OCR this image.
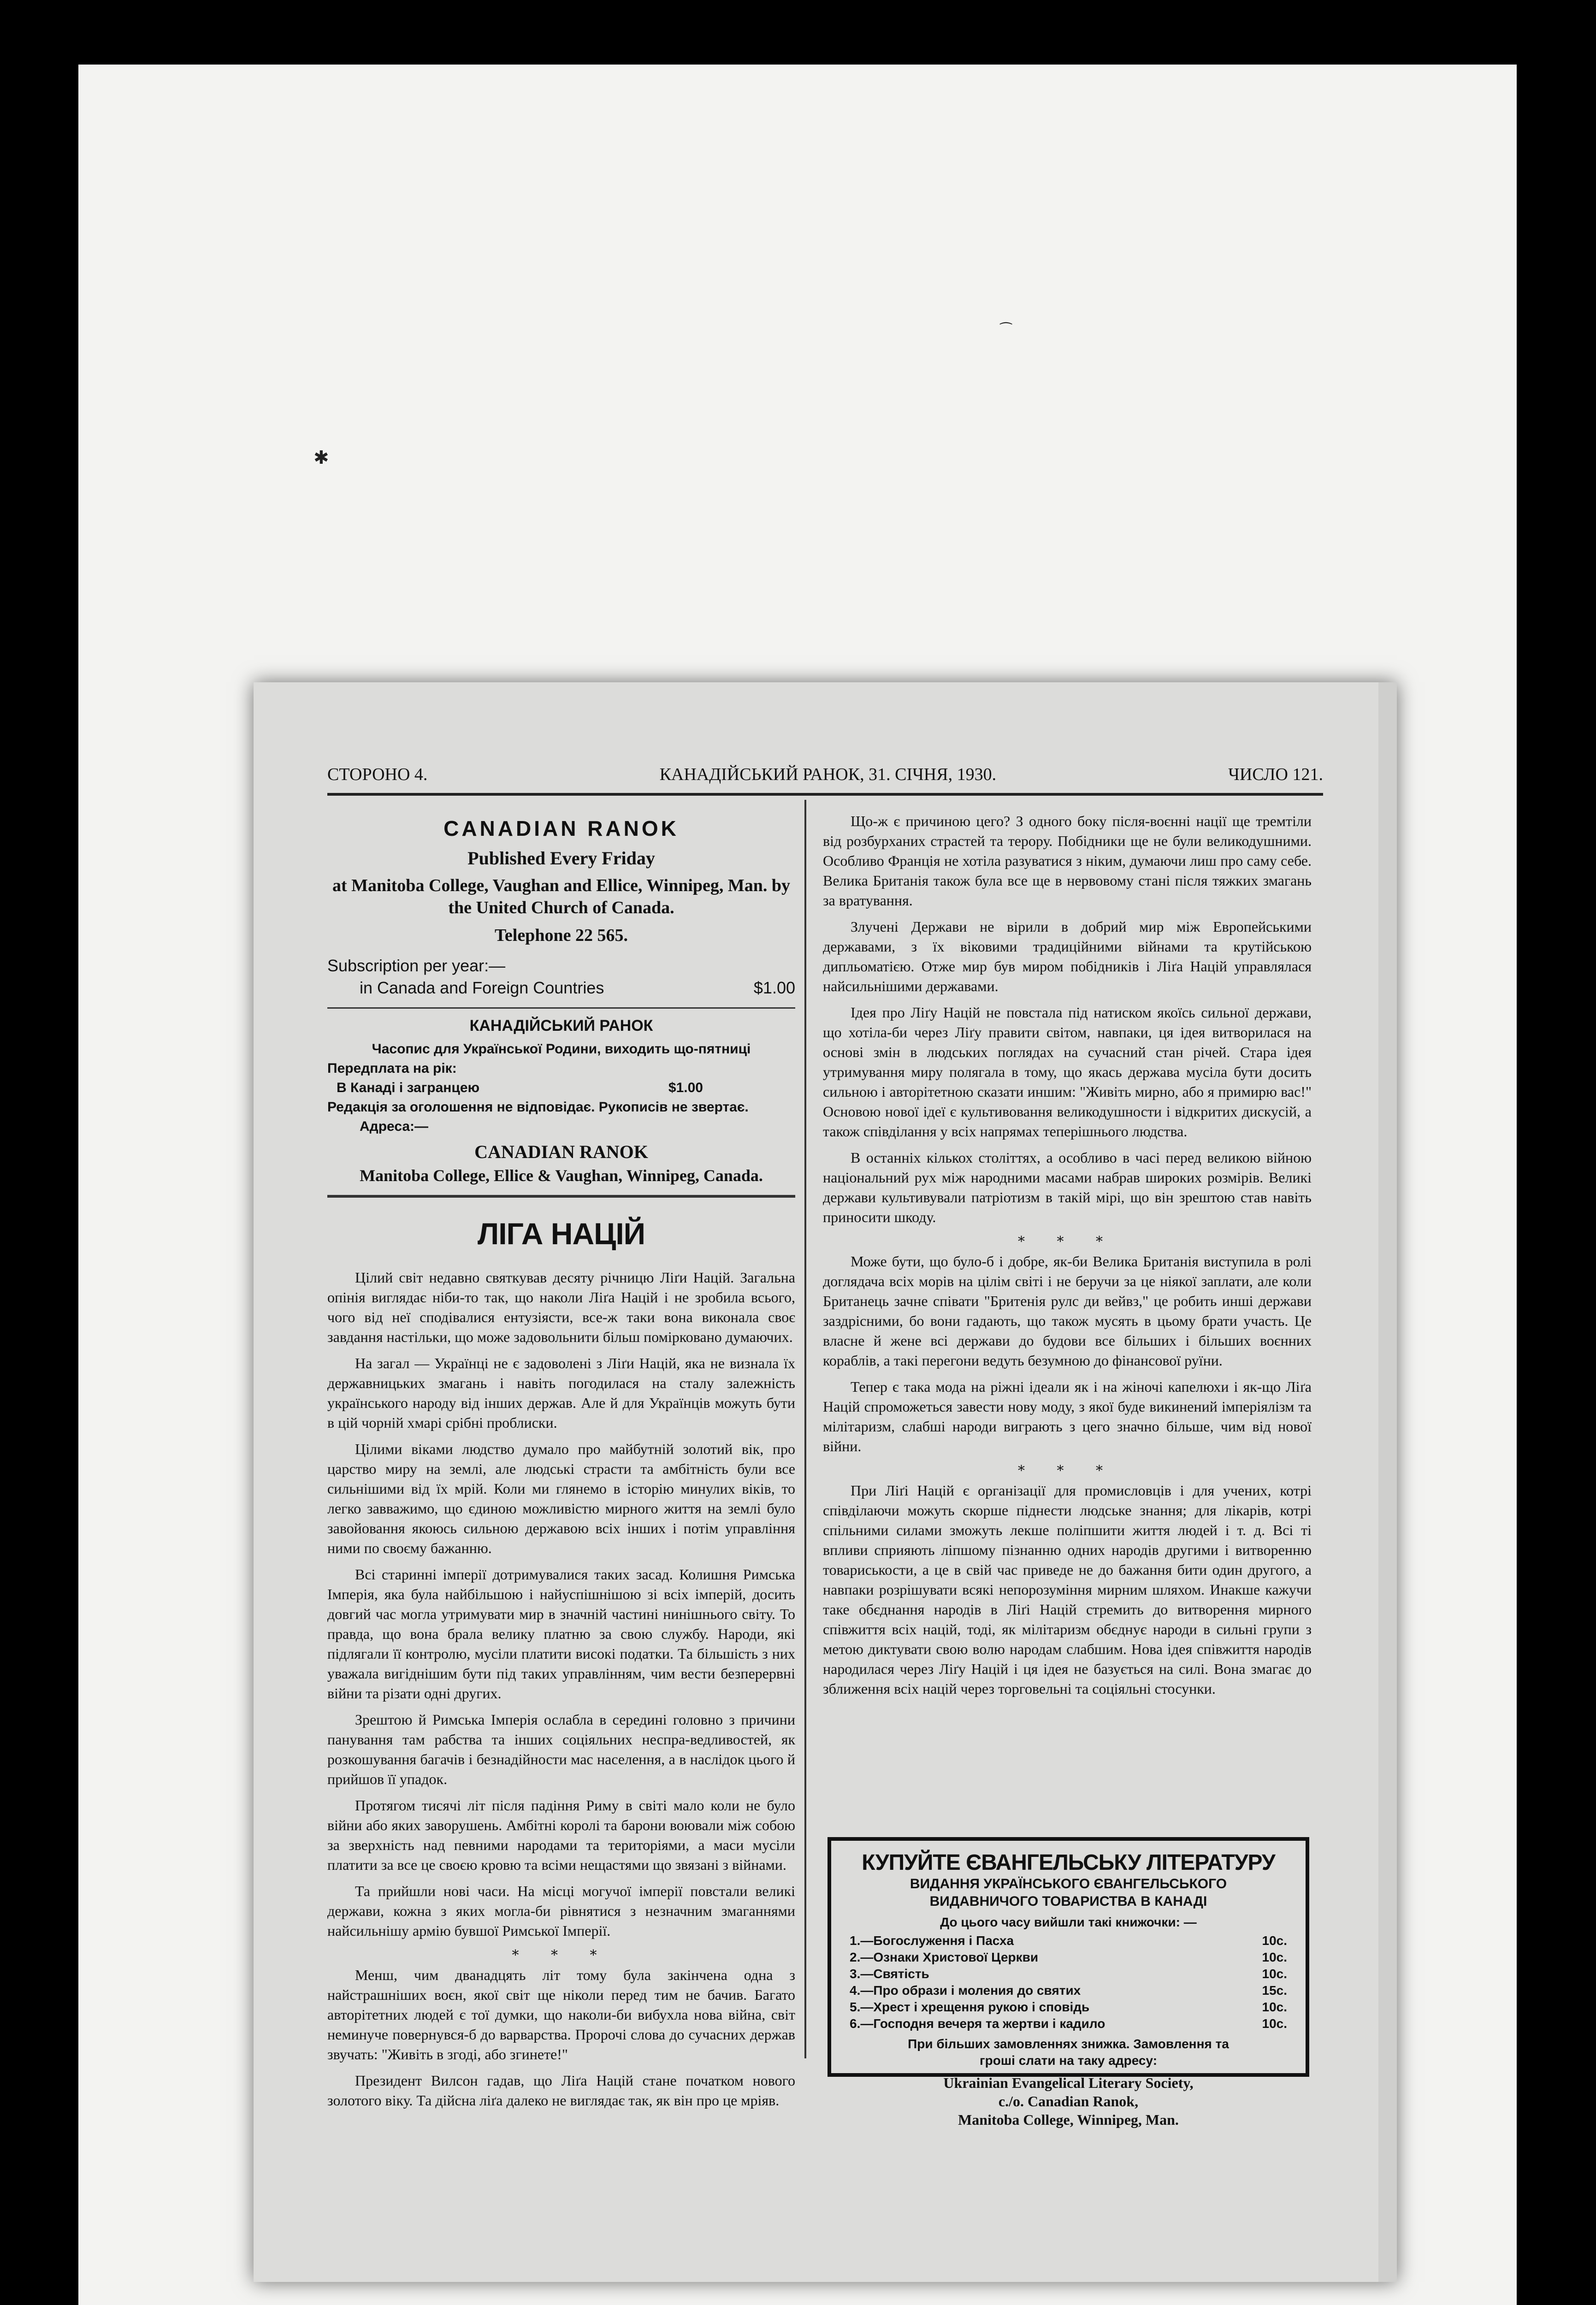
✱
⁀
СТОРОНО 4.	КАНАДІЙСЬКИЙ РАНОК, 31. СІЧНЯ, 1930.	ЧИСЛО 121.
CANADIAN RANOK
Published Every Friday
at Manitoba College, Vaughan and Ellice, Winnipeg, Man. by the United Church of Canada.
Telephone 22 565.
Subscription per year:—
in Canada and Foreign Countries	$1.00
КАНАДІЙСЬКИЙ РАНОК
Часопис для Української Родини, виходить що-пятниці
Передплата на рік:
В Канаді і загранцею	$1.00
Редакція за оголошення не відповідає. Рукописів не звертає.
Адреса:—
CANADIAN RANOK
Manitoba College, Ellice & Vaughan, Winnipeg, Canada.
ЛІГА НАЦІЙ

Цілий світ недавно святкував десяту річницю Ліґи Націй. Загальна опінія виглядає ніби-то так, що наколи Ліґа Націй і не зробила всього, чого від неї сподівалися ентузіясти, все-ж таки вона виконала своє завдання настільки, що може задовольнити більш поміркованo думаючих.

На загал — Українці не є задоволені з Ліґи Націй, яка не визнала їх державницьких змагань і навіть погодилася на сталу залежність українського народу від інших держав. Але й для Українців можуть бути в цій чорній хмарі срібні проблиски.

Цілими віками людство думало про майбутній золотий вік, про царство миру на землі, але людські страсти та амбітність були все сильнішими від їх мрій. Коли ми глянемо в історію минулих віків, то легко завважимо, що єдиною можливістю мирного життя на землі було завойовання якоюсь сильною державою всіх інших і потім управління ними по своєму бажанню.

Всі старинні імперії дотримувалися таких засад. Колишня Римська Імперія, яка була найбільшою і найуспішнішою зі всіх імперій, досить довгий час могла утримувати мир в значній частині нинішнього світу. То правда, що вона брала велику платню за свою службу. Народи, які підлягали її контролю, мусіли платити високі податки. Та більшість з них уважала вигіднішим бути під таких управлінням, чим вести безперервні війни та різати одні других.

Зрештою й Римська Імперія ослабла в середині головно з причини панування там рабства та інших соціяльних неспра-ведливостей, як розкошування багачів і безнадійности мас населення, а в наслідок цього й прийшов її упадок.

Протягом тисячі літ після падіння Риму в світі мало коли не було війни або яких заворушень. Амбітні королі та барони воювали між собою за зверхність над певними народами та територіями, а маси мусіли платити за все це своєю кровю та всіми нещастями що звязані з війнами.

Та прийшли нові часи. На місці могучої імперії повстали великі держави, кожна з яких могла-би рівнятися з незначним змаганнями найсильнішу армію бувшої Римської Імперії.

* * *

Менш, чим дванадцять літ тому була закінчена одна з найстрашніших воєн, якої світ ще ніколи перед тим не бачив. Багато авторітетних людей є тої думки, що наколи-би вибухла нова війна, світ неминуче повернувся-б до варварства. Пророчі слова до сучасних держав звучать: "Живіть в згоді, або згинете!"

Президент Вилсон гадав, що Ліґа Націй стане початком нового золотого віку. Та дійсна ліґа далеко не виглядає так, як він про це мріяв.

Що-ж є причиною цего? З одного боку після-воєнні нації ще тремтіли від розбурханих страстей та терору. Побідники ще не були великодушними. Особливо Франція не хотіла разуватися з ніким, думаючи лиш про саму себе. Велика Британія також була все ще в нервовому стані після тяжких змагань за вратування.

Злучені Держави не вірили в добрий мир між Европейськими державами, з їх віковими традиційними війнами та крутійською дипльоматією. Отже мир був миром побідників і Ліґа Націй управлялася найсильнішими державами.

Ідея про Ліґу Націй не повстала під натиском якоїсь сильної держави, що хотіла-би через Ліґу правити світом, навпаки, ця ідея витворилася на основі змін в людських поглядах на сучасний стан річей. Стара ідея утримування миру полягала в тому, що якась держава мусіла бути досить сильною і авторітетною сказати иншим: "Живіть мирно, або я примирю вас!" Основою нової ідеї є культивовання великодушности і відкритих дискусій, а також співділання у всіх напрямах теперішнього людства.

В останніх кількох століттях, а особливо в часі перед великою війною національний рух між народними масами набрав широких розмірів. Великі держави культивували патріотизм в такій мірі, що він зрештою став навіть приносити шкоду.

* * *

Може бути, що було-б і добре, як-би Велика Британія виступила в ролі доглядача всіх морів на цілім світі і не беручи за це ніякої заплати, але коли Британець зачне співати "Бритенія рулс ди вейвз," це робить инші держави заздрісними, бо вони гадають, що також мусять в цьому брати участь. Це власне й жене всі держави до будови все більших і більших воєнних кораблів, а такі перегони ведуть безумною до фінансової руїни.

Тепер є така мода на ріжні ідеали як і на жіночі капелюхи і як-що Ліґа Націй спроможеться завести нову моду, з якої буде викинений імперіялізм та мілітаризм, слабші народи виграють з цего значно більше, чим від нової війни.

* * *

При Ліґі Націй є організації для промисловців і для учених, котрі співділаючи можуть скорше піднести людське знання; для лікарів, котрі спільними силами зможуть лекше поліпшити життя людей і т. д. Всі ті впливи сприяють ліпшому пізнанню одних народів другими і витворенню товариськости, а це в свій час приведе не до бажання бити один другого, а навпаки розрішувати всякі непорозуміння мирним шляхом. Инакше кажучи таке обєднання народів в Ліґі Націй стремить до витворення мирного співжиття всіх націй, тоді, як мілітаризм обєднує народи в сильні групи з метою диктувати свою волю народам слабшим. Нова ідея співжиття народів народилася через Ліґу Націй і ця ідея не базується на силі. Вона змагає до зближення всіх націй через торговельні та соціяльні стосунки.

КУПУЙТЕ ЄВАНГЕЛЬСЬКУ ЛІТЕРАТУРУ
ВИДАННЯ УКРАЇНСЬКОГО ЄВАНГЕЛЬСЬКОГО
ВИДАВНИЧОГО ТОВАРИСТВА В КАНАДІ
До цього часу вийшли такі книжочки: —
1.—Богослуження і Пасха	10c.
2.—Ознаки Христової Церкви	10c.
3.—Святість	10c.
4.—Про образи і моления до святих	15c.
5.—Хрест і хрещення рукою і сповідь	10c.
6.—Господня вечеря та жертви і кадило	10c.
При більших замовленнях знижка. Замовлення та
гроші слати на таку адресу:
Ukrainian Evangelical Literary Society,
c./o. Canadian Ranok,
Manitoba College, Winnipeg, Man.
